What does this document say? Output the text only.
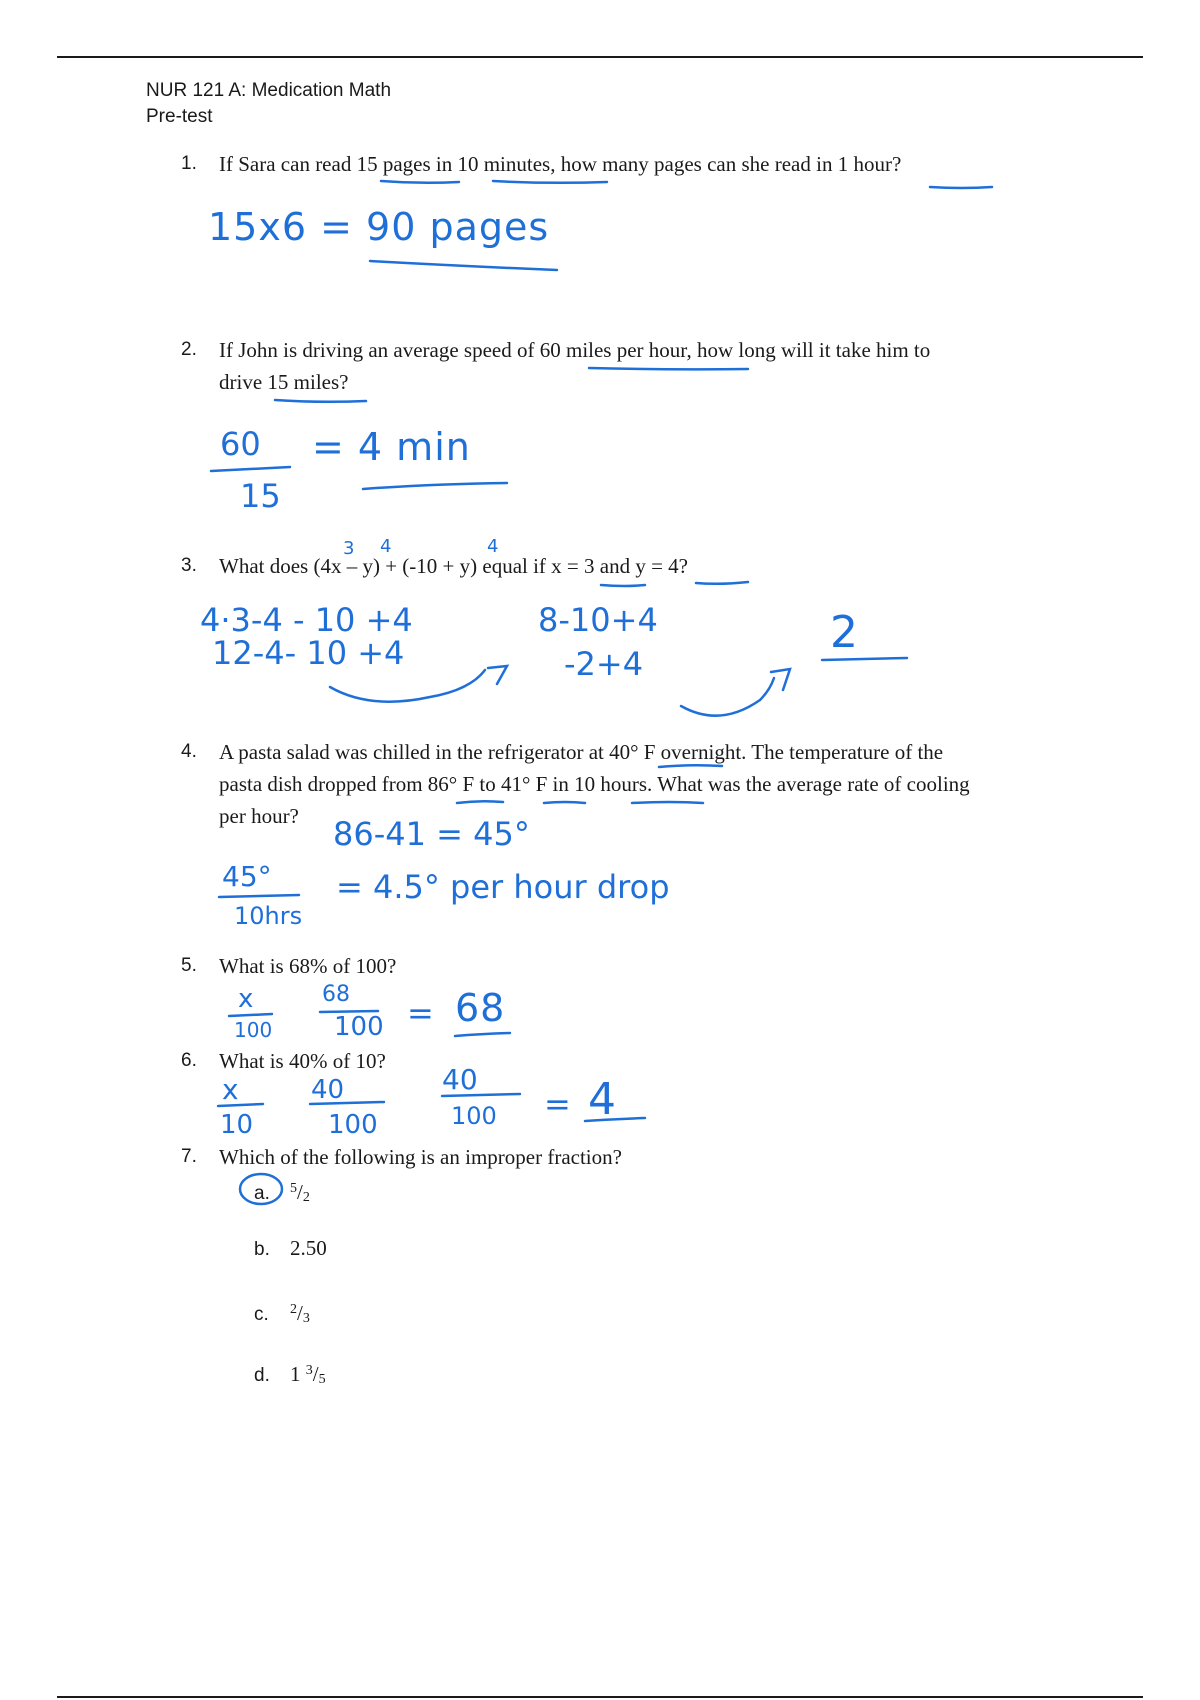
NUR 121 A: Medication Math
Pre-test
1. If Sara can read 15 pages in 10 minutes, how many pages can she read in 1 hour?
15x6 = 90 pages
2. If John is driving an average speed of 60 miles per hour, how long will it take him to
drive 15 miles?
60
15
= 4 min
3. What does (4x – y) + (-10 + y) equal if x = 3 and y = 4?
3 4	4
4·3-4 - 10 +4
12-4- 10 +4
8-10+4
-2+4
2
4. A pasta salad was chilled in the refrigerator at 40° F overnight. The temperature of the
pasta dish dropped from 86° F to 41° F in 10 hours. What was the average rate of cooling
per hour?	86-41 = 45°
45°
10hrs
= 4.5° per hour drop
5. What is 68% of 100?
x
100
68
100 = 68
6. What is 40% of 10?
x
10
40
100
40
100 = 4
7. Which of the following is an improper fraction?
a. $^5$/2
b. 2.50
c. $^2$/3
d. 1 $^3$/5
